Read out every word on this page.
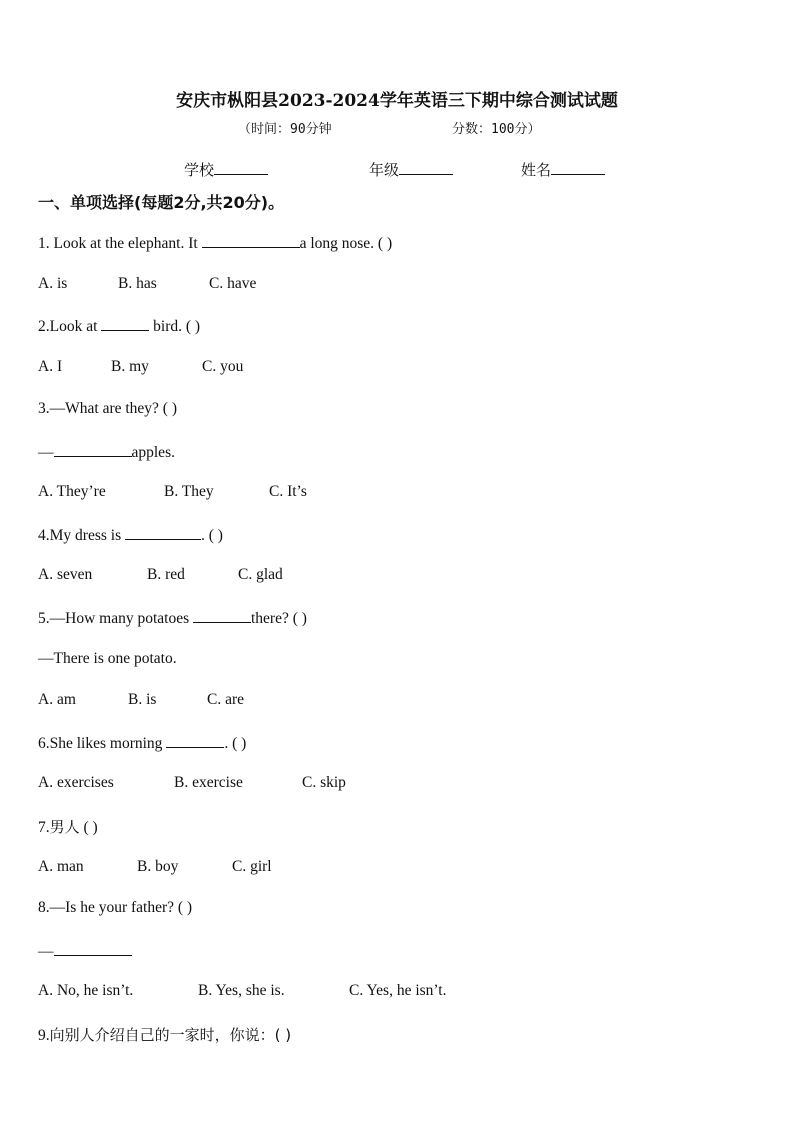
安庆市枞阳县2023-2024学年英语三下期中综合测试试题
（时间：90分钟	分数：100分）
学校	年级	姓名
一、单项选择(每题2分,共20分)。
1. Look at the elephant. It	a long nose. ( )
A. is	B. has	C. have
2.Look at	bird. ( )
A. I	B. my	C. you
3.—What are they? ( )
—	apples.
A. They’re	B. They	C. It’s
4.My dress is	. ( )
A. seven	B. red	C. glad
5.—How many potatoes	there? ( )
—There is one potato.
A. am	B. is	C. are
6.She likes morning	. ( )
A. exercises	B. exercise	C. skip
7.男人 ( )
A. man	B. boy	C. girl
8.—Is he your father? ( )
—
A. No, he isn’t.	B. Yes, she is.	C. Yes, he isn’t.
9.向别人介绍自己的一家时，你说：( )
